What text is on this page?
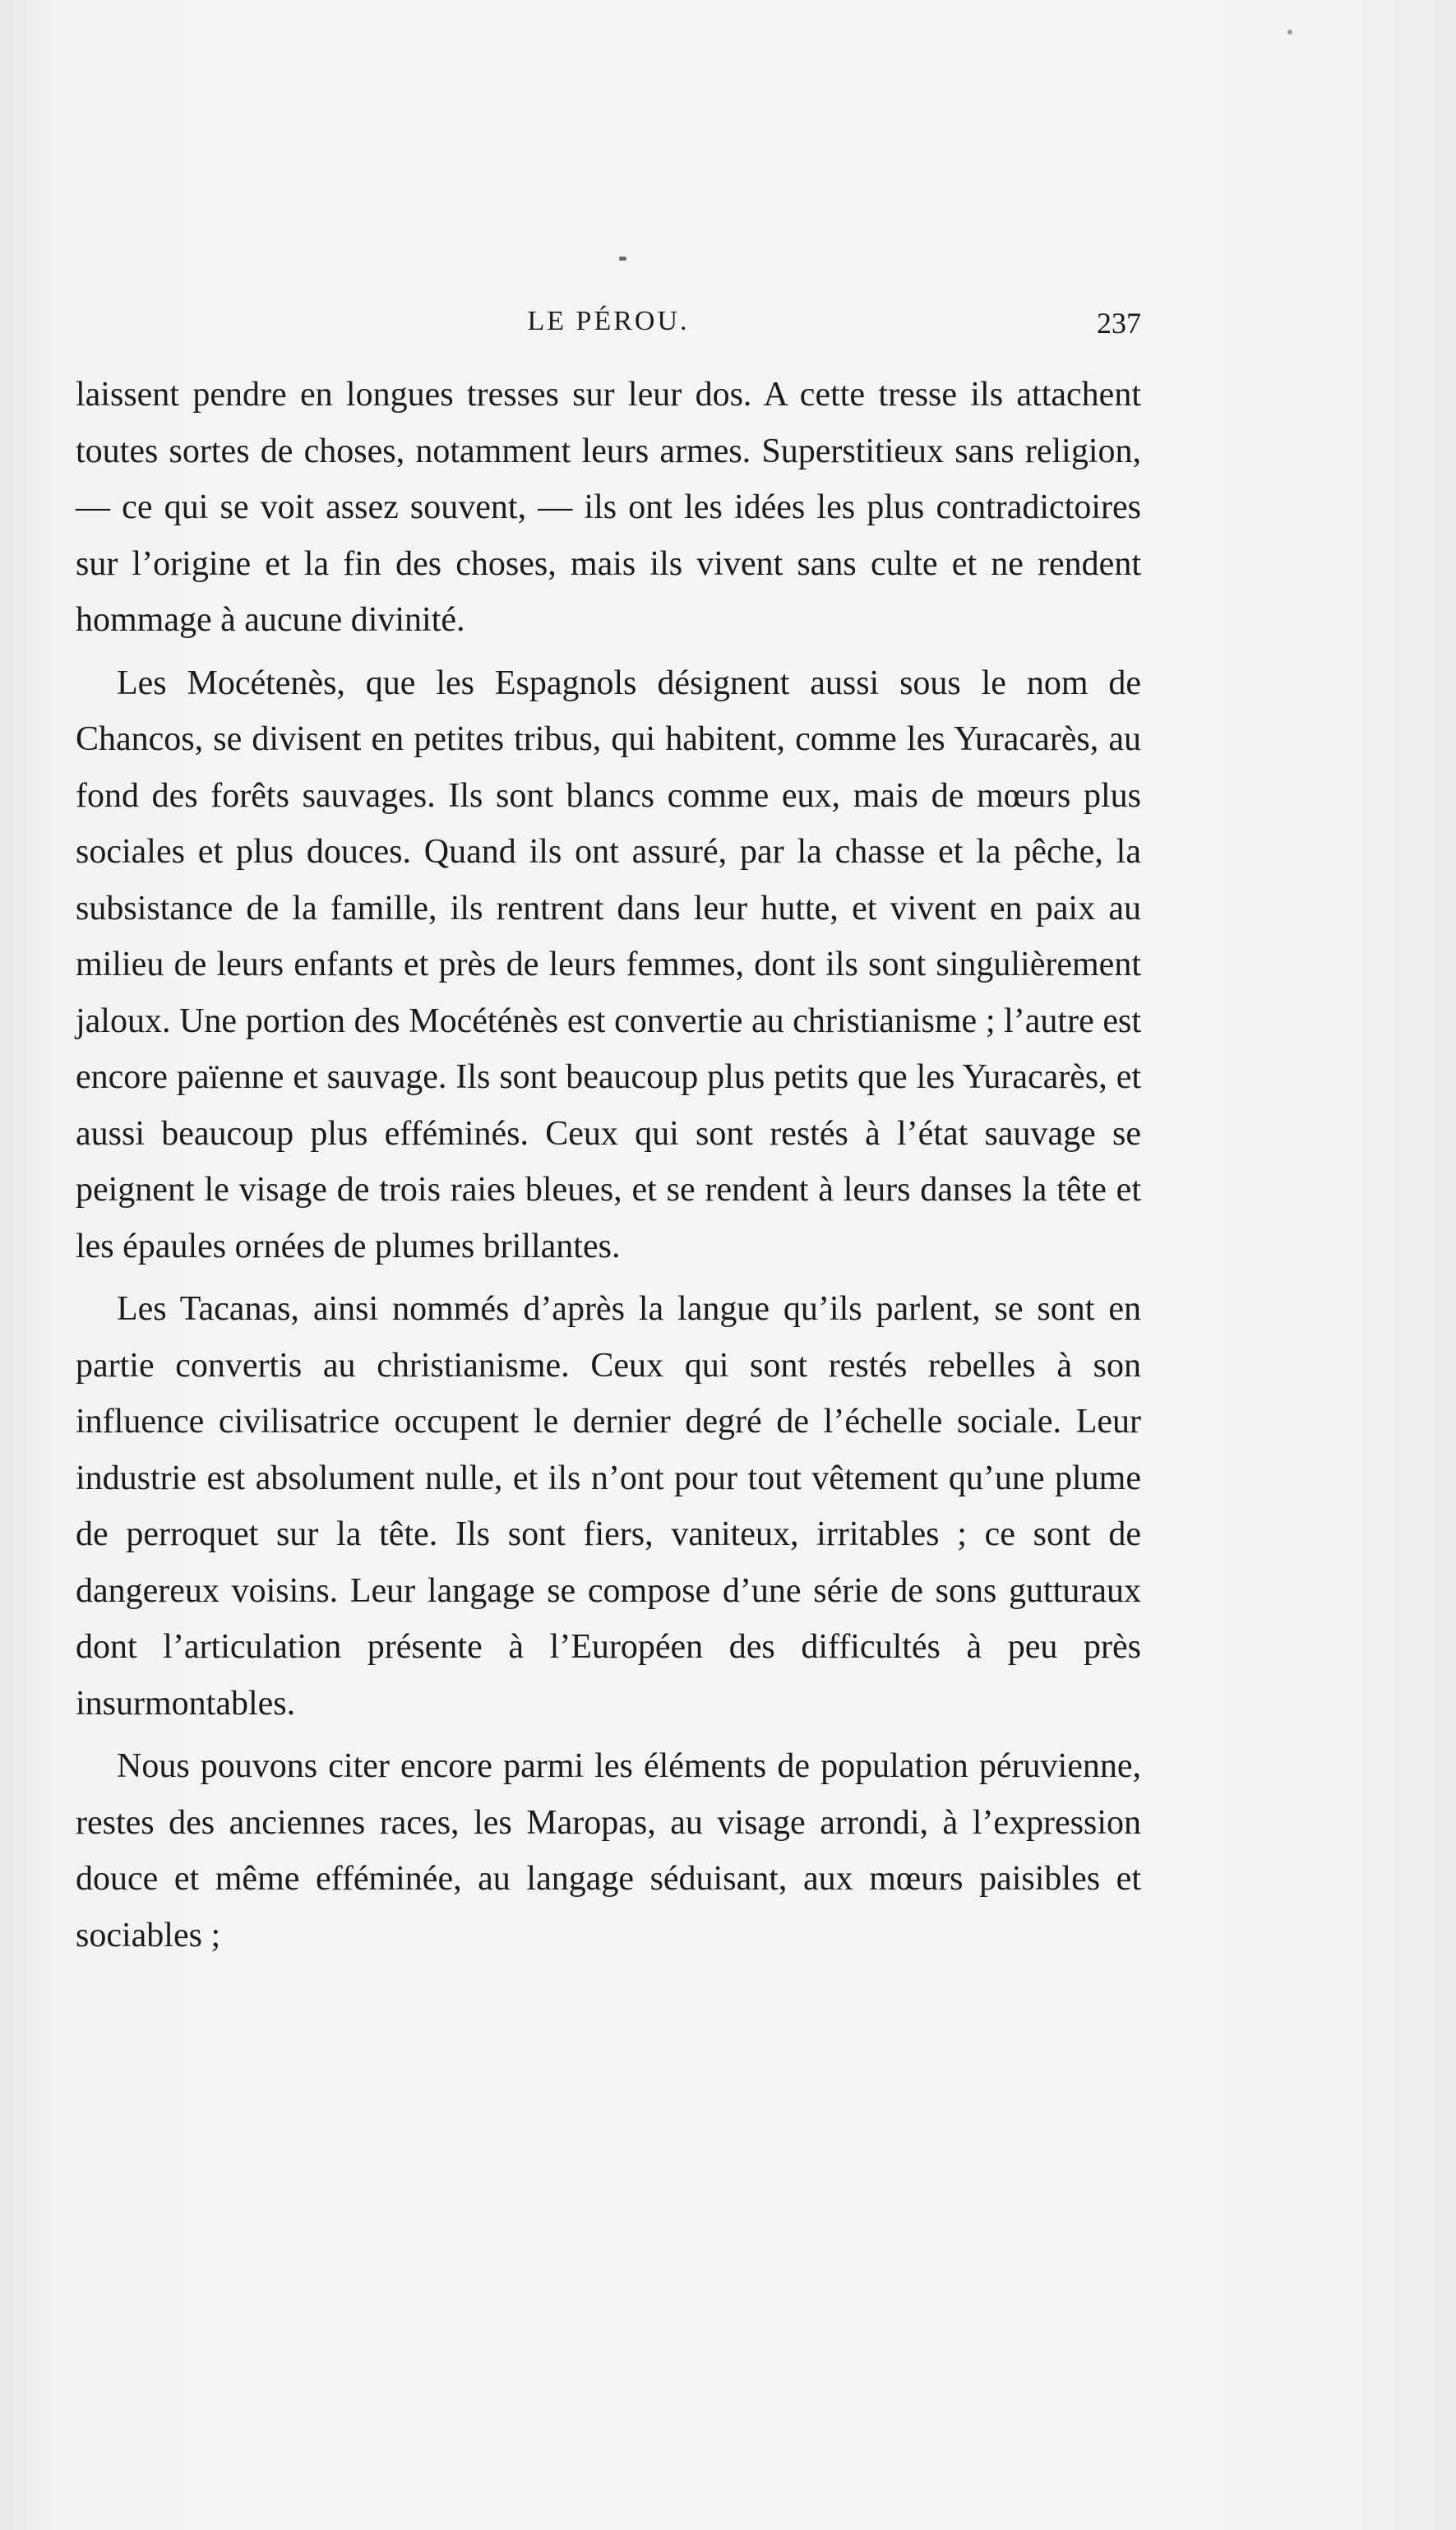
LE PÉROU.	237

laissent pendre en longues tresses sur leur dos. A cette tresse ils attachent toutes sortes de choses, notamment leurs armes. Superstitieux sans religion, — ce qui se voit assez souvent, — ils ont les idées les plus contradictoires sur l’origine et la fin des choses, mais ils vivent sans culte et ne rendent hommage à aucune divinité.

Les Mocétenès, que les Espagnols désignent aussi sous le nom de Chancos, se divisent en petites tribus, qui habitent, comme les Yuracarès, au fond des forêts sauvages. Ils sont blancs comme eux, mais de mœurs plus sociales et plus douces. Quand ils ont assuré, par la chasse et la pêche, la subsistance de la famille, ils rentrent dans leur hutte, et vivent en paix au milieu de leurs enfants et près de leurs femmes, dont ils sont singulièrement jaloux. Une portion des Mocéténès est convertie au christianisme ; l’autre est encore païenne et sauvage. Ils sont beaucoup plus petits que les Yuracarès, et aussi beaucoup plus efféminés. Ceux qui sont restés à l’état sauvage se peignent le visage de trois raies bleues, et se rendent à leurs danses la tête et les épaules ornées de plumes brillantes.

Les Tacanas, ainsi nommés d’après la langue qu’ils parlent, se sont en partie convertis au christianisme. Ceux qui sont restés rebelles à son influence civilisatrice occupent le dernier degré de l’échelle sociale. Leur industrie est absolument nulle, et ils n’ont pour tout vêtement qu’une plume de perroquet sur la tête. Ils sont fiers, vaniteux, irritables ; ce sont de dangereux voisins. Leur langage se compose d’une série de sons gutturaux dont l’articulation présente à l’Européen des difficultés à peu près insurmontables.

Nous pouvons citer encore parmi les éléments de population péruvienne, restes des anciennes races, les Maropas, au visage arrondi, à l’expression douce et même efféminée, au langage séduisant, aux mœurs paisibles et sociables ;
